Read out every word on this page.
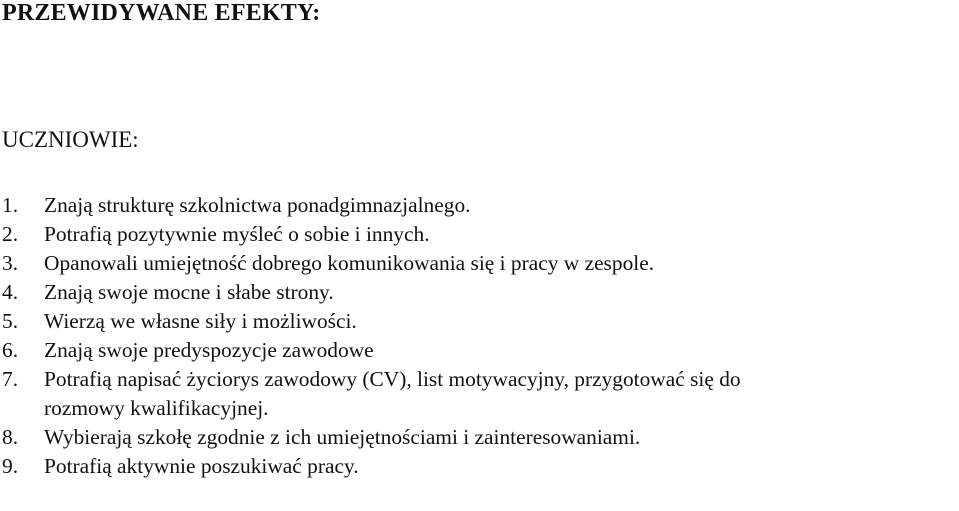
PRZEWIDYWANE EFEKTY:
UCZNIOWIE:
1. Znają strukturę szkolnictwa ponadgimnazjalnego.
2. Potrafią pozytywnie myśleć o sobie i innych.
3. Opanowali umiejętność dobrego komunikowania się i pracy w zespole.
4. Znają swoje mocne i słabe strony.
5. Wierzą we własne siły i możliwości.
6. Znają swoje predyspozycje zawodowe
7. Potrafią napisać życiorys zawodowy (CV), list motywacyjny, przygotować się do
rozmowy kwalifikacyjnej.
8. Wybierają szkołę zgodnie z ich umiejętnościami i zainteresowaniami.
9. Potrafią aktywnie poszukiwać pracy.
